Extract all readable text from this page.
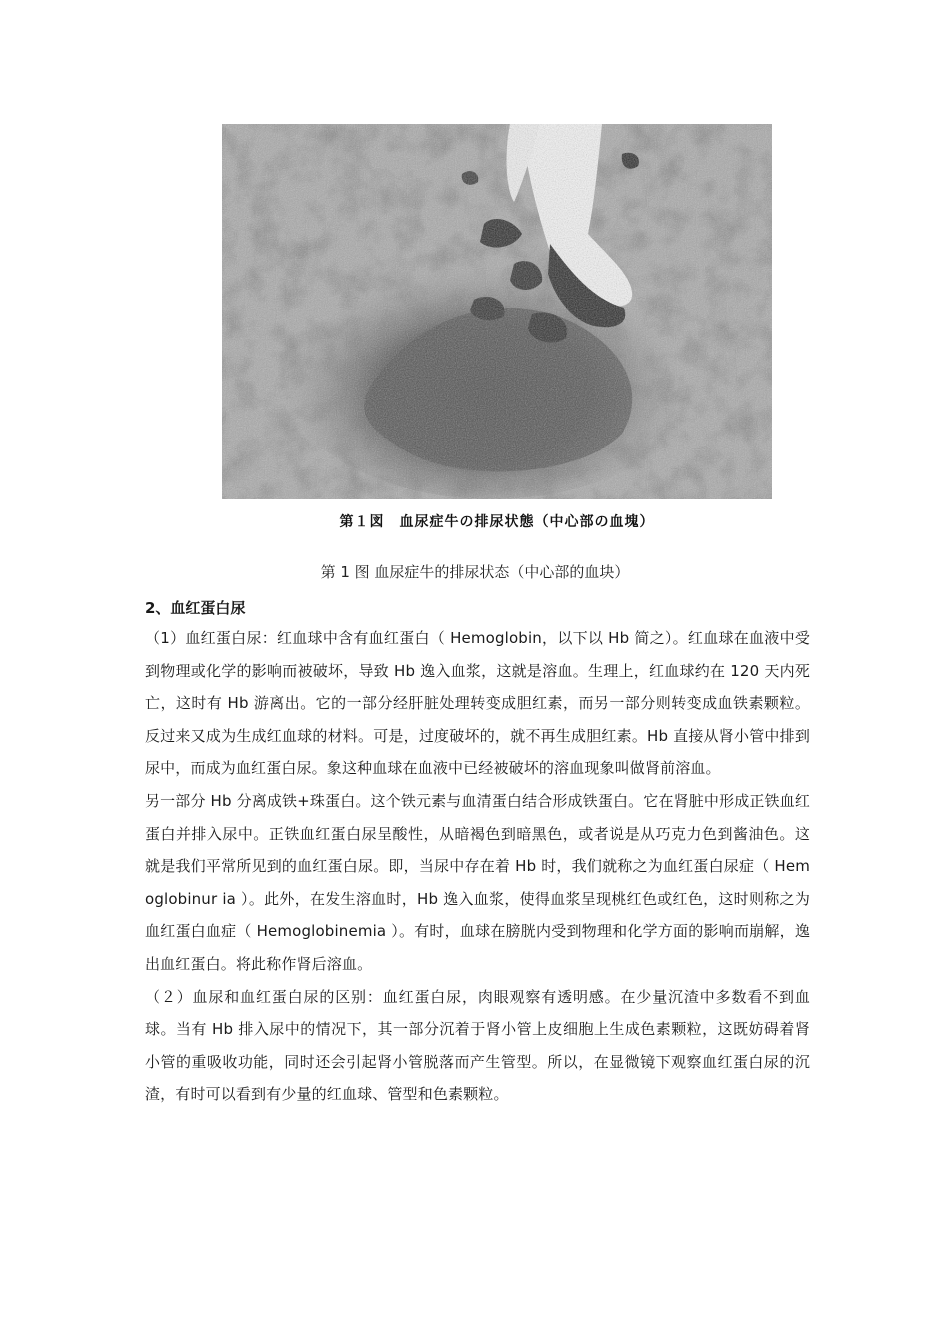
第１図　血尿症牛の排尿状態（中心部の血塊）
第 1 图 血尿症牛的排尿状态（中心部的血块）
2、血红蛋白尿

（1）血红蛋白尿：红血球中含有血红蛋白（ Hemoglobin，以下以 Hb 简之）。红血球在血液中受到物理或化学的影响而被破坏，导致 Hb 逸入血浆，这就是溶血。生理上，红血球约在 120 天内死亡，这时有 Hb 游离出。它的一部分经肝脏处理转变成胆红素，而另一部分则转变成血铁素颗粒。反过来又成为生成红血球的材料。可是，过度破坏的，就不再生成胆红素。Hb 直接从肾小管中排到尿中，而成为血红蛋白尿。象这种血球在血液中已经被破坏的溶血现象叫做肾前溶血。

另一部分 Hb 分离成铁+珠蛋白。这个铁元素与血清蛋白结合形成铁蛋白。它在肾脏中形成正铁血红蛋白并排入尿中。正铁血红蛋白尿呈酸性，从暗褐色到暗黑色，或者说是从巧克力色到酱油色。这就是我们平常所见到的血红蛋白尿。即，当尿中存在着 Hb 时，我们就称之为血红蛋白尿症（ Hemoglobinur ia ）。此外，在发生溶血时，Hb 逸入血浆，使得血浆呈现桃红色或红色，这时则称之为血红蛋白血症（ Hemoglobinemia ）。有时，血球在膀胱内受到物理和化学方面的影响而崩解，逸出血红蛋白。将此称作肾后溶血。

（２）血尿和血红蛋白尿的区别：血红蛋白尿，肉眼观察有透明感。在少量沉渣中多数看不到血球。当有 Hb 排入尿中的情况下，其一部分沉着于肾小管上皮细胞上生成色素颗粒，这既妨碍着肾小管的重吸收功能，同时还会引起肾小管脱落而产生管型。所以，在显微镜下观察血红蛋白尿的沉渣，有时可以看到有少量的红血球、管型和色素颗粒。
